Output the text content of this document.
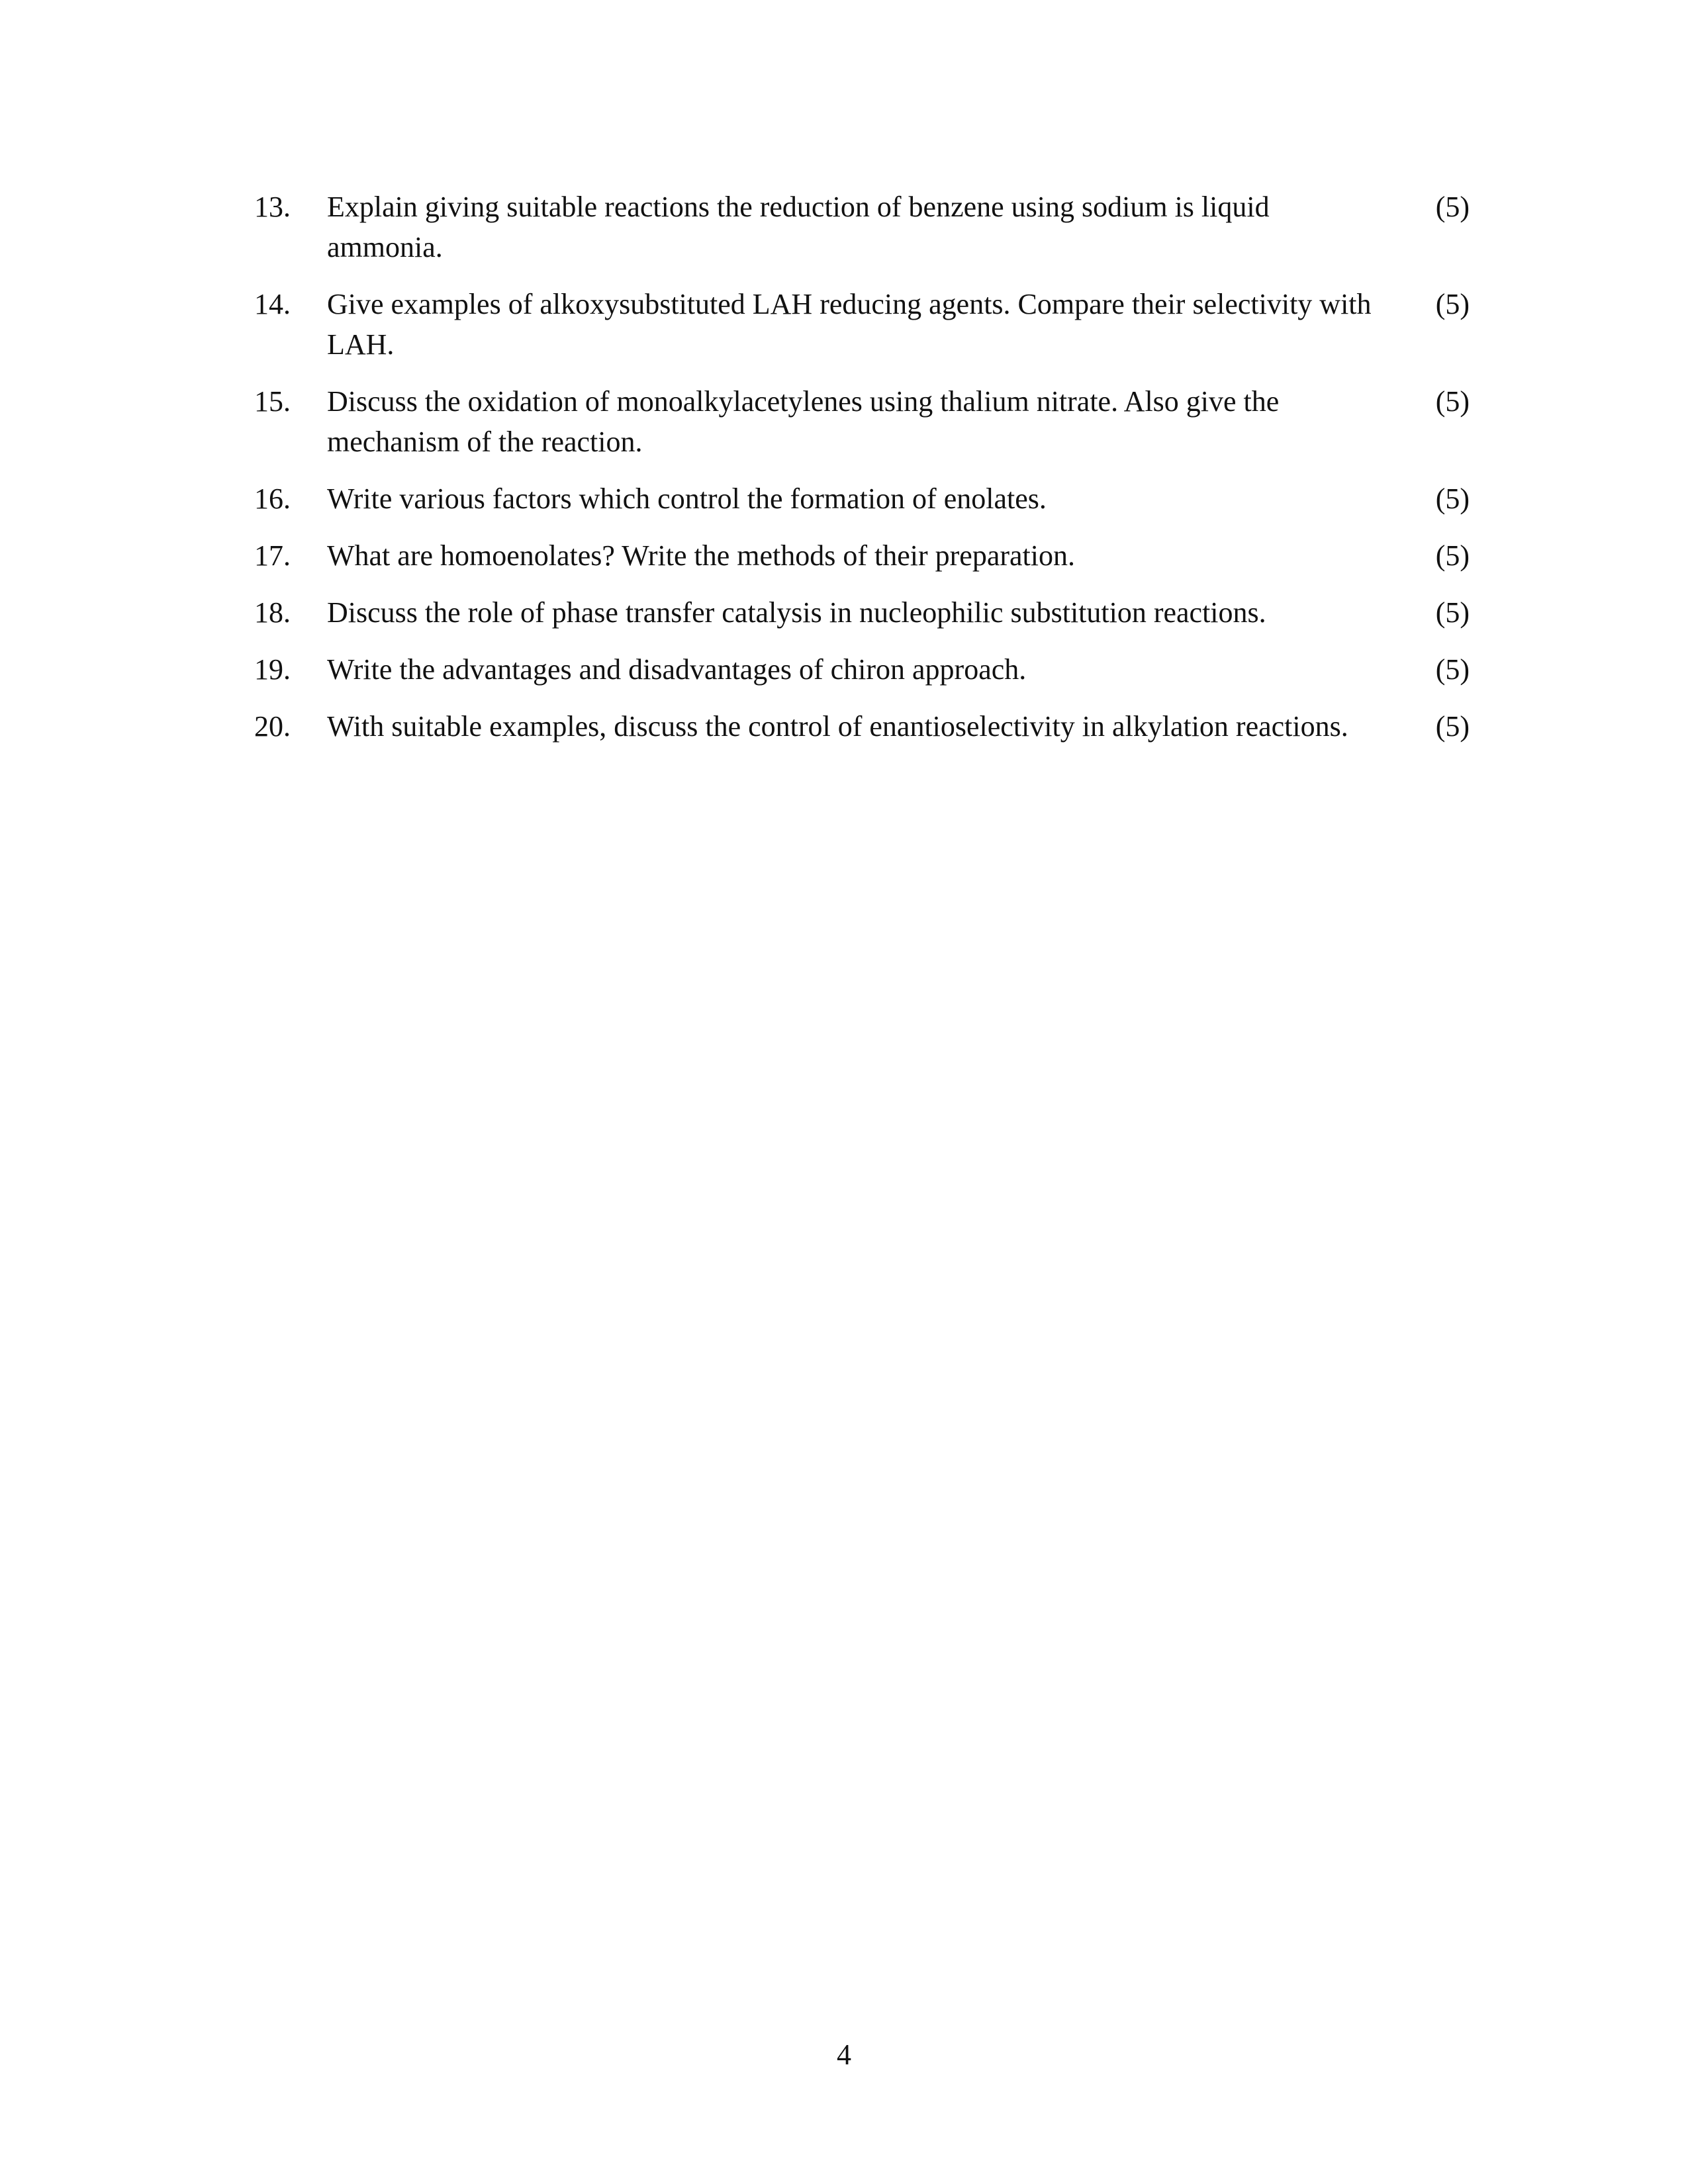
13.	Explain giving suitable reactions the reduction of benzene using sodium is liquid ammonia.
(5)
14.	Give examples of alkoxysubstituted LAH reducing agents. Compare their selectivity with LAH.
(5)
15.	Discuss the oxidation of monoalkylacetylenes using thalium nitrate. Also give the mechanism of the reaction.
(5)
16.	Write various factors which control the formation of enolates.	(5)
17.	What are homoenolates? Write the methods of their preparation.	(5)
18.	Discuss the role of phase transfer catalysis in nucleophilic substitution reactions.	(5)
19.	Write the advantages and disadvantages of chiron approach.	(5)
20.	With suitable examples, discuss the control of enantioselectivity in alkylation reactions.	(5)
4
